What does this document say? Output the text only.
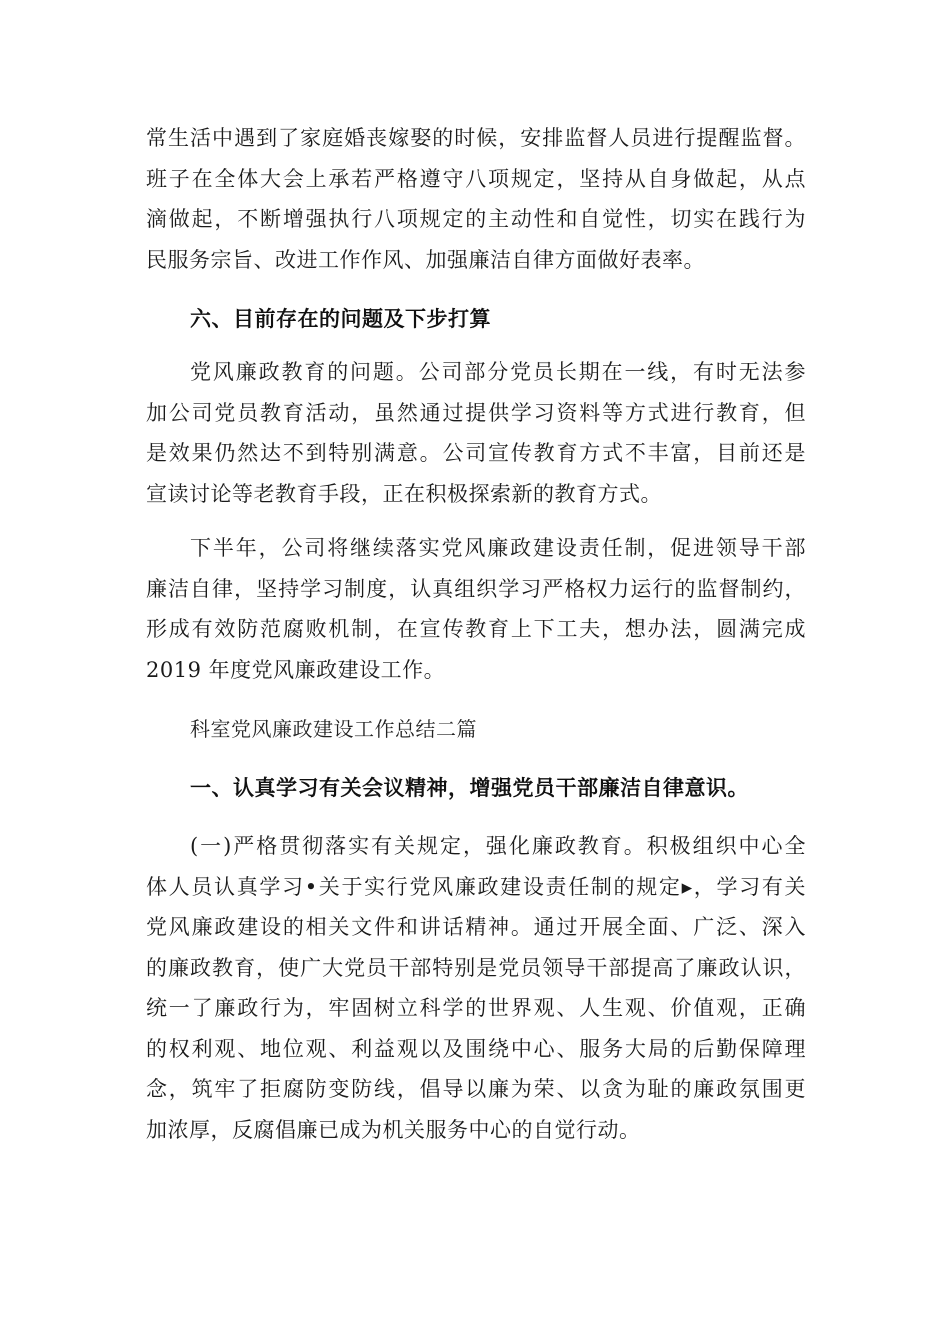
常生活中遇到了家庭婚丧嫁娶的时候，安排监督人员进行提醒监督。
班子在全体大会上承若严格遵守八项规定，坚持从自身做起，从点
滴做起，不断增强执行八项规定的主动性和自觉性，切实在践行为
民服务宗旨、改进工作作风、加强廉洁自律方面做好表率。
六、目前存在的问题及下步打算
党风廉政教育的问题。公司部分党员长期在一线，有时无法参
加公司党员教育活动，虽然通过提供学习资料等方式进行教育，但
是效果仍然达不到特别满意。公司宣传教育方式不丰富，目前还是
宣读讨论等老教育手段，正在积极探索新的教育方式。
下半年，公司将继续落实党风廉政建设责任制，促进领导干部
廉洁自律，坚持学习制度，认真组织学习严格权力运行的监督制约，
形成有效防范腐败机制，在宣传教育上下工夫，想办法，圆满完成
2019 年度党风廉政建设工作。
科室党风廉政建设工作总结二篇
一、认真学习有关会议精神，增强党员干部廉洁自律意识。
(一)严格贯彻落实有关规定，强化廉政教育。积极组织中心全
体人员认真学习•关于实行党风廉政建设责任制的规定▸，学习有关
党风廉政建设的相关文件和讲话精神。通过开展全面、广泛、深入
的廉政教育，使广大党员干部特别是党员领导干部提高了廉政认识，
统一了廉政行为，牢固树立科学的世界观、人生观、价值观，正确
的权利观、地位观、利益观以及围绕中心、服务大局的后勤保障理
念，筑牢了拒腐防变防线，倡导以廉为荣、以贪为耻的廉政氛围更
加浓厚，反腐倡廉已成为机关服务中心的自觉行动。
